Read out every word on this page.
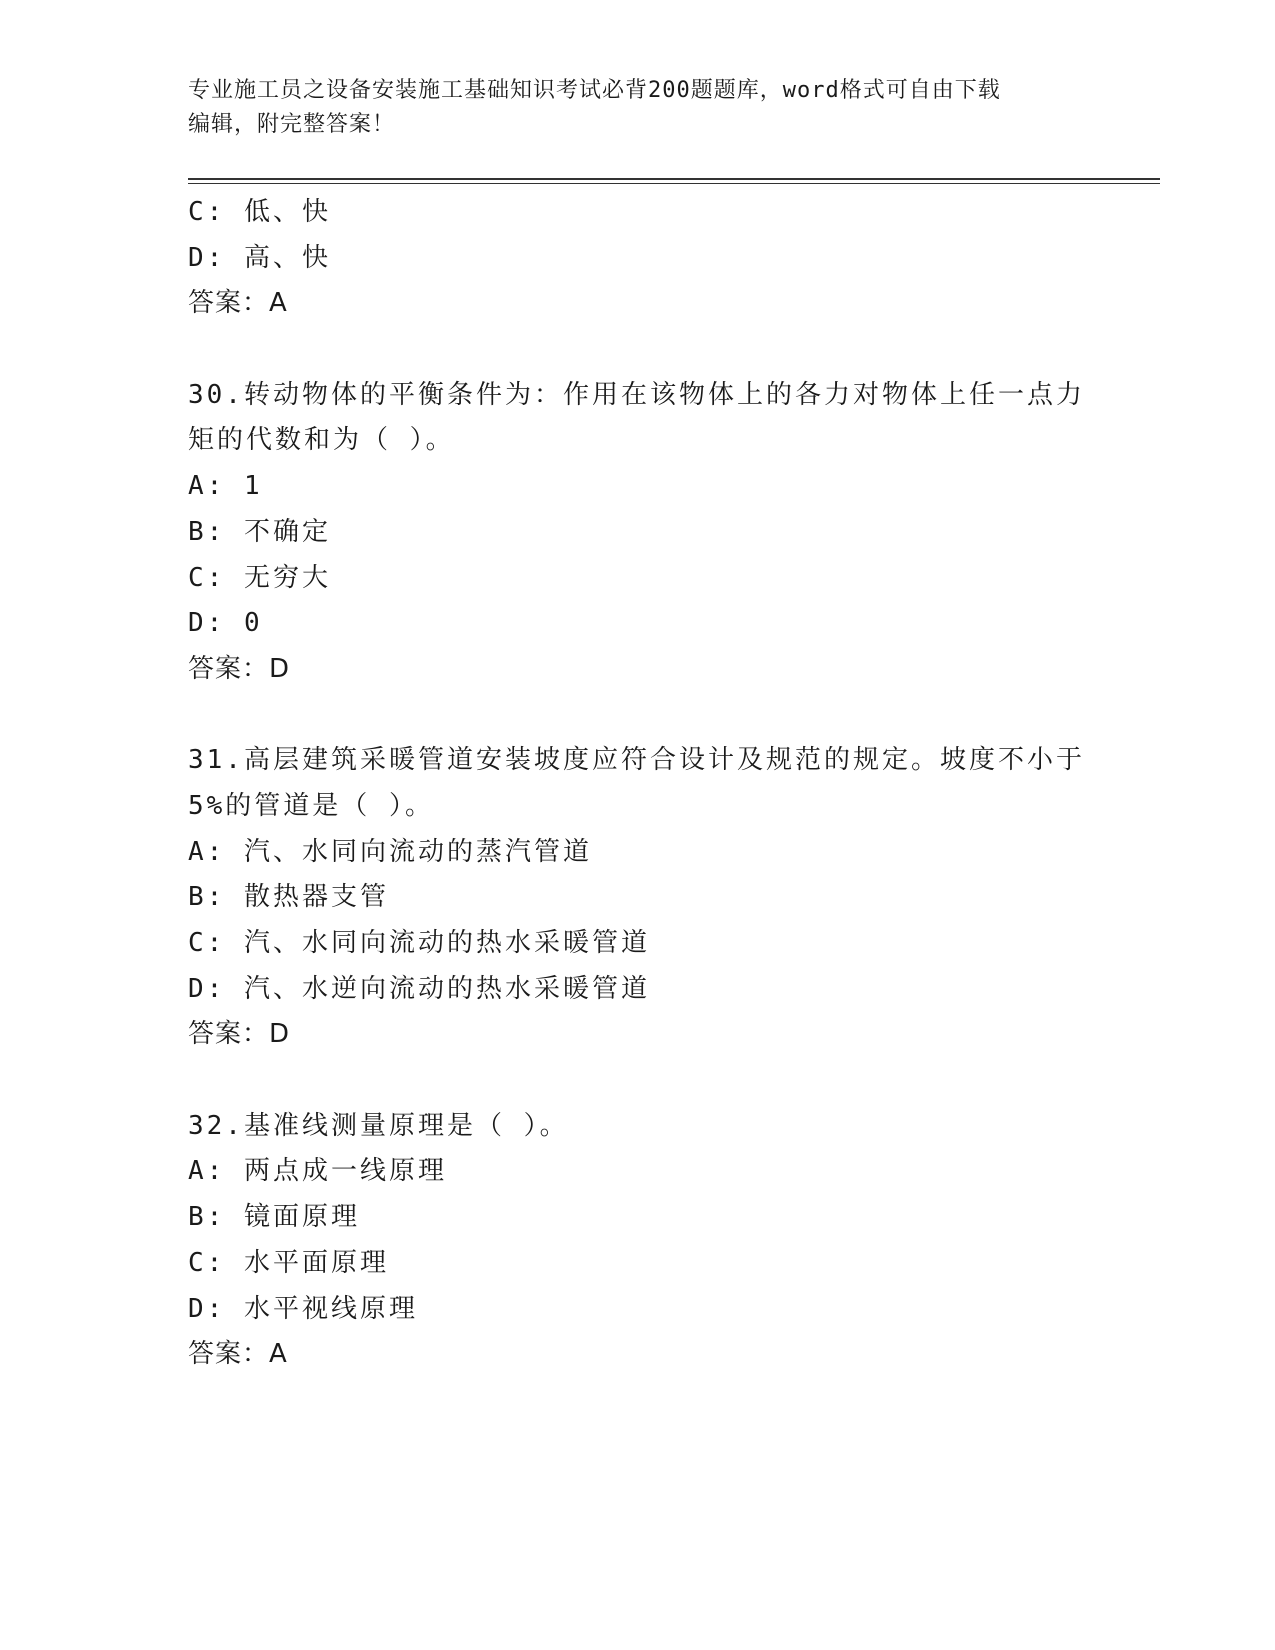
专业施工员之设备安装施工基础知识考试必背200题题库，word格式可自由下载
编辑，附完整答案！
C: 低、快
D: 高、快
答案：A
30.转动物体的平衡条件为：作用在该物体上的各力对物体上任一点力
矩的代数和为（ ）。
A: 1
B: 不确定
C: 无穷大
D: 0
答案：D
31.高层建筑采暖管道安装坡度应符合设计及规范的规定。坡度不小于
5%的管道是（ ）。
A: 汽、水同向流动的蒸汽管道
B: 散热器支管
C: 汽、水同向流动的热水采暖管道
D: 汽、水逆向流动的热水采暖管道
答案：D
32.基准线测量原理是（ ）。
A: 两点成一线原理
B: 镜面原理
C: 水平面原理
D: 水平视线原理
答案：A
